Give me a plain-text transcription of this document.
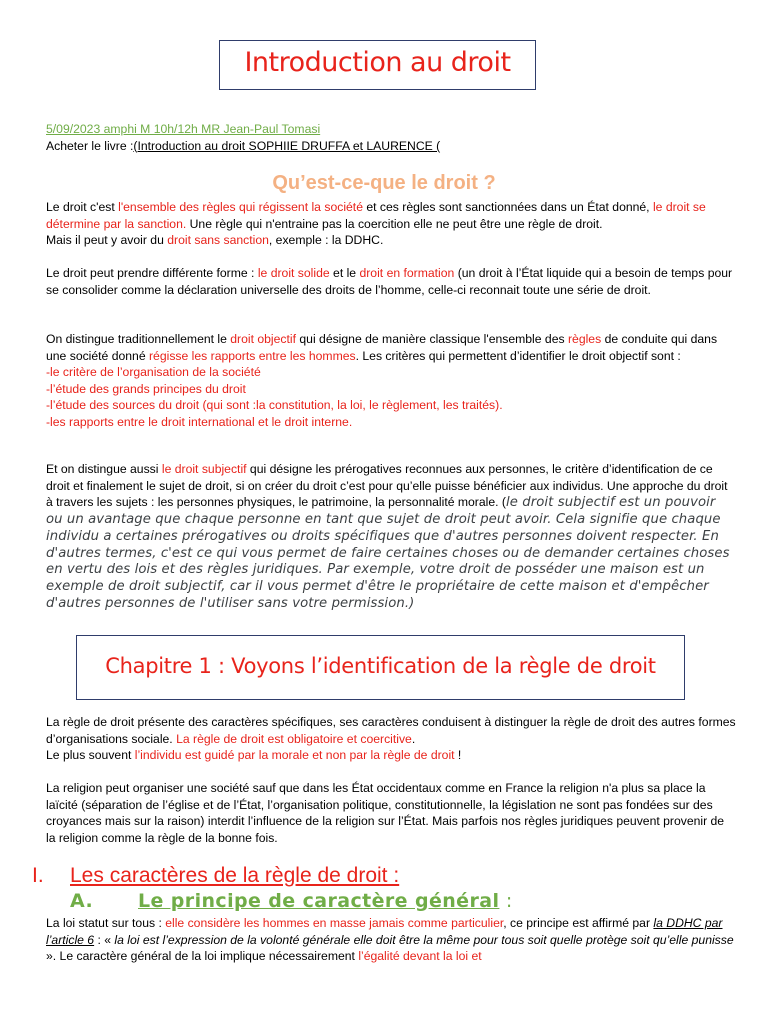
Introduction au droit
5/09/2023 amphi M 10h/12h MR Jean-Paul Tomasi
Acheter le livre :(Introduction au droit SOPHIIE DRUFFA et LAURENCE (
Qu’est-ce-que le droit ?
Le droit c'est l'ensemble des règles qui régissent la société et ces règles sont sanctionnées dans un État donné, le droit se détermine par la sanction. Une règle qui n'entraine pas la coercition elle ne peut être une règle de droit.
Mais il peut y avoir du droit sans sanction, exemple : la DDHC.
Le droit peut prendre différente forme : le droit solide et le droit en formation (un droit à l’État liquide qui a besoin de temps pour se consolider comme la déclaration universelle des droits de l’homme, celle-ci reconnait toute une série de droit.
On distingue traditionnellement le droit objectif qui désigne de manière classique l'ensemble des règles de conduite qui dans une société donné régisse les rapports entre les hommes. Les critères qui permettent d’identifier le droit objectif sont :
-le critère de l’organisation de la société
-l’étude des grands principes du droit
-l’étude des sources du droit (qui sont :la constitution, la loi, le règlement, les traités).
-les rapports entre le droit international et le droit interne.
Et on distingue aussi le droit subjectif qui désigne les prérogatives reconnues aux personnes, le critère d’identification de ce droit et finalement le sujet de droit, si on créer du droit c’est pour qu’elle puisse bénéficier aux individus. Une approche du droit à travers les sujets : les personnes physiques, le patrimoine, la personnalité morale. (le droit subjectif est un pouvoir ou un avantage que chaque personne en tant que sujet de droit peut avoir. Cela signifie que chaque individu a certaines prérogatives ou droits spécifiques que d'autres personnes doivent respecter. En d'autres termes, c'est ce qui vous permet de faire certaines choses ou de demander certaines choses en vertu des lois et des règles juridiques. Par exemple, votre droit de posséder une maison est un exemple de droit subjectif, car il vous permet d'être le propriétaire de cette maison et d'empêcher d'autres personnes de l'utiliser sans votre permission.)
Chapitre 1 : Voyons l’identification de la règle de droit
La règle de droit présente des caractères spécifiques, ses caractères conduisent à distinguer la règle de droit des autres formes d’organisations sociale. La règle de droit est obligatoire et coercitive.
Le plus souvent l’individu est guidé par la morale et non par la règle de droit !
La religion peut organiser une société sauf que dans les État occidentaux comme en France la religion n'a plus sa place la laïcité (séparation de l’église et de l’État, l’organisation politique, constitutionnelle, la législation ne sont pas fondées sur des croyances mais sur la raison) interdit l’influence de la religion sur l’État. Mais parfois nos règles juridiques peuvent provenir de la religion comme la règle de la bonne fois.
I. Les caractères de la règle de droit :
A. Le principe de caractère général :
La loi statut sur tous : elle considère les hommes en masse jamais comme particulier, ce principe est affirmé par la DDHC par l’article 6 : « la loi est l’expression de la volonté générale elle doit être la même pour tous soit quelle protège soit qu’elle punisse ». Le caractère général de la loi implique nécessairement l’égalité devant la loi et
